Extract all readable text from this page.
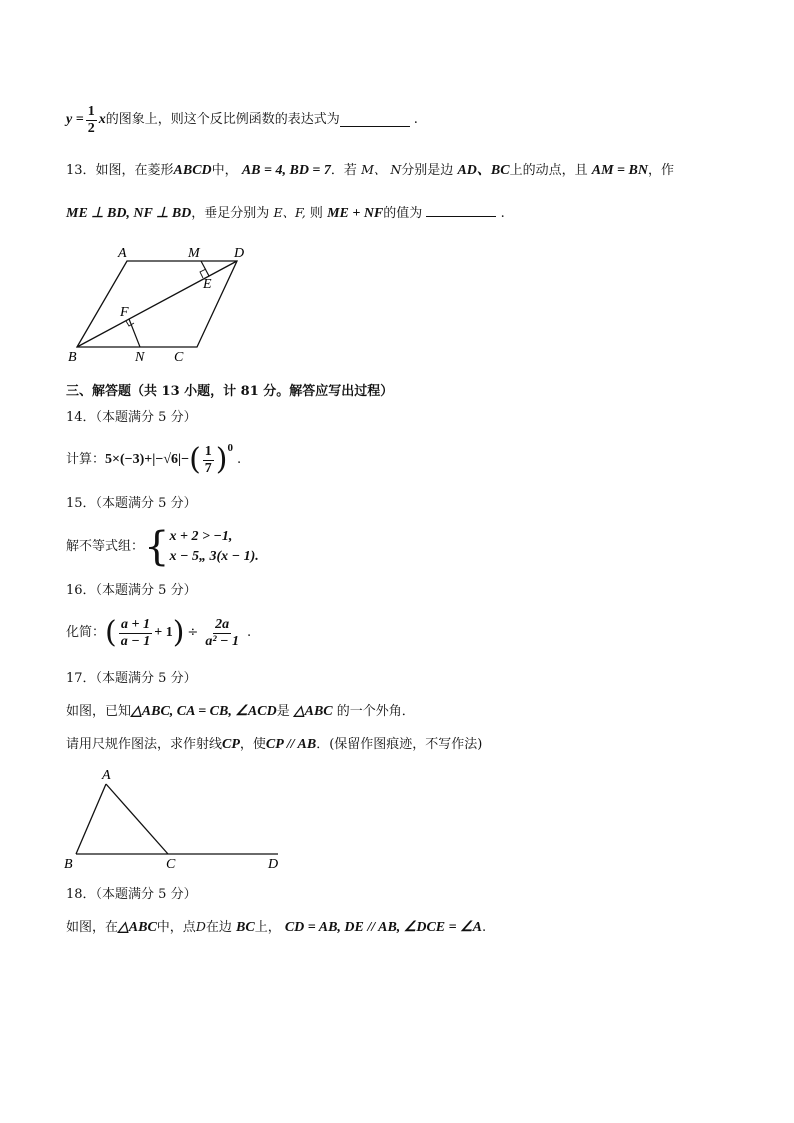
$y = \frac{1}{2}$ x 的图象上，则这个反比例函数的表达式为	.
13．如图，在菱形ABCD中， AB = 4, BD = 7．若 M、 N分别是边 AD、BC上的动点，且 AM = BN，作
ME ⊥ BD, NF ⊥ BD，垂足分别为 E、F, 则 ME + NF的值为	.
A	M D
E
F
B	N C
三、解答题（共 13 小题，计 81 分。解答应写出过程）
14．（本题满分 5 分）
计算： 5×(−3)+|−√6|− ( $\frac{1}{7}$ ) 0
.
15．（本题满分 5 分）
解不等式组： { x + 2 > −1,
x − 5„ 3(x − 1).
16．（本题满分 5 分）
化简： ( $\frac{a + 1}{a - 1} + 1$ ) ÷ $\frac{2a}{\text{a² − 1}}$ .
17．（本题满分 5 分）
如图，已知△ABC, CA = CB, ∠ACD是 △ABC 的一个外角．
请用尺规作图法，求作射线CP，使CP // AB．(保留作图痕迹，不写作法)
A
B	C	D
18．（本题满分 5 分）
如图，在△ABC中，点D在边 BC上， CD = AB, DE // AB, ∠DCE = ∠A.
